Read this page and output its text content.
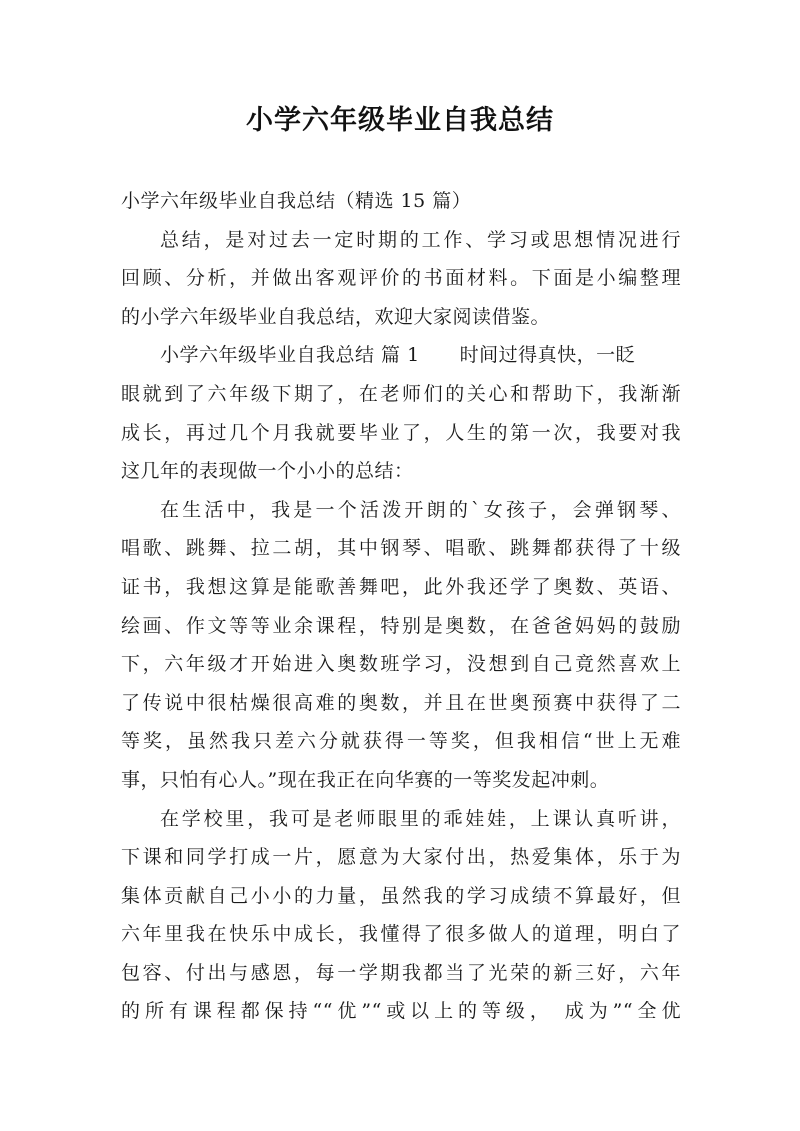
小学六年级毕业自我总结
小学六年级毕业自我总结（精选 15 篇）
总结，是对过去一定时期的工作、学习或思想情况进行
回顾、分析，并做出客观评价的书面材料。下面是小编整理
的小学六年级毕业自我总结，欢迎大家阅读借鉴。
小学六年级毕业自我总结 篇 1 时间过得真快，一眨
眼就到了六年级下期了，在老师们的关心和帮助下，我渐渐
成长，再过几个月我就要毕业了，人生的第一次，我要对我
这几年的表现做一个小小的总结：
在生活中，我是一个活泼开朗的`女孩子，会弹钢琴、
唱歌、跳舞、拉二胡，其中钢琴、唱歌、跳舞都获得了十级
证书，我想这算是能歌善舞吧，此外我还学了奥数、英语、
绘画、作文等等业余课程，特别是奥数，在爸爸妈妈的鼓励
下，六年级才开始进入奥数班学习，没想到自己竟然喜欢上
了传说中很枯燥很高难的奥数，并且在世奥预赛中获得了二
等奖，虽然我只差六分就获得一等奖，但我相信“世上无难
事，只怕有心人。”现在我正在向华赛的一等奖发起冲刺。
在学校里，我可是老师眼里的乖娃娃，上课认真听讲，
下课和同学打成一片，愿意为大家付出，热爱集体，乐于为
集体贡献自己小小的力量，虽然我的学习成绩不算最好，但
六年里我在快乐中成长，我懂得了很多做人的道理，明白了
包容、付出与感恩，每一学期我都当了光荣的新三好，六年
的所有课程都保持““优”“或以上的等级， 成为”“全优
